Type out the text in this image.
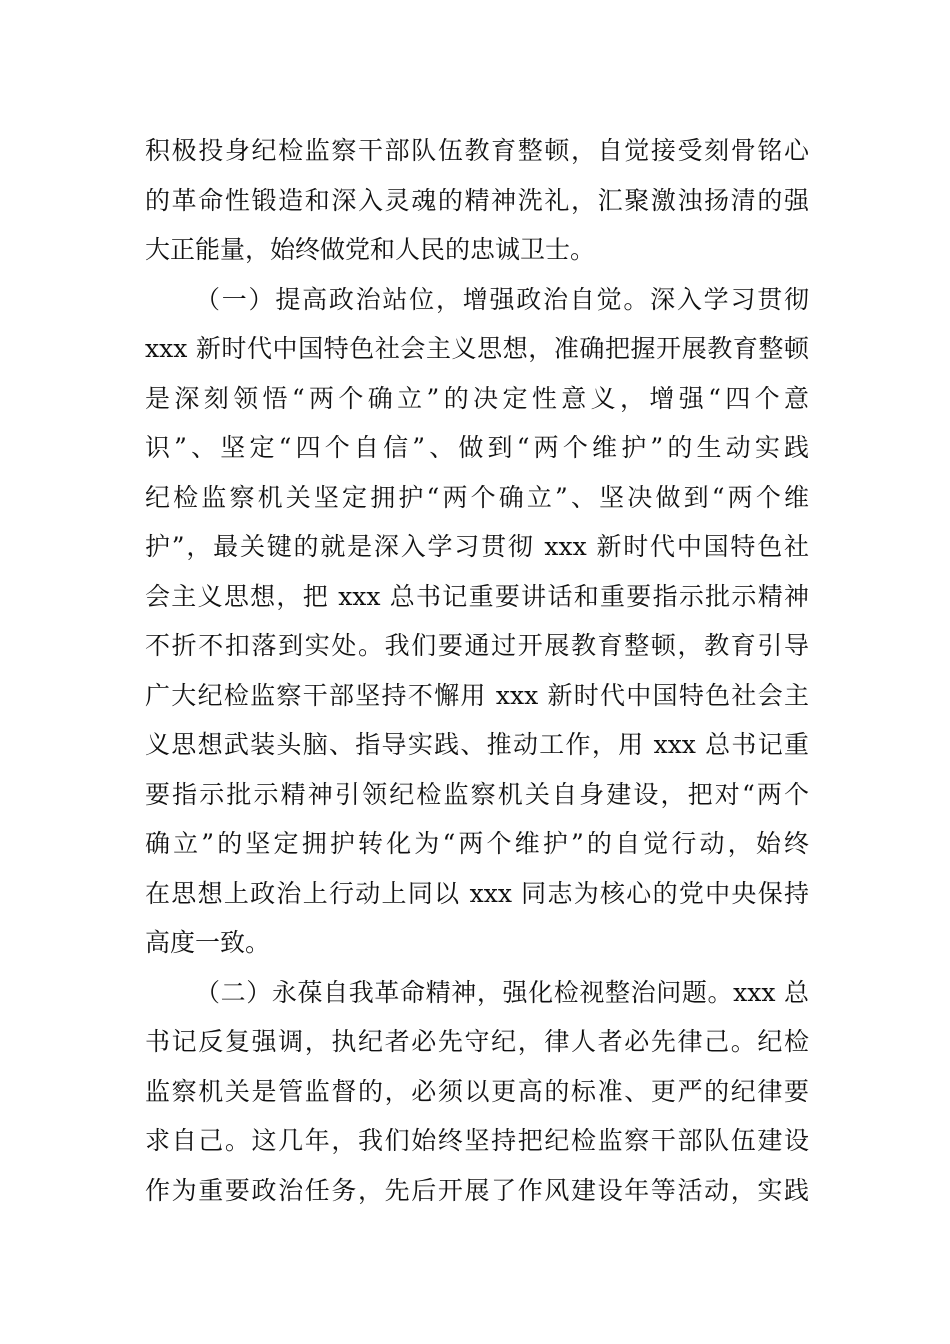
积极投身纪检监察干部队伍教育整顿，自觉接受刻骨铭心
的革命性锻造和深入灵魂的精神洗礼，汇聚激浊扬清的强
大正能量，始终做党和人民的忠诚卫士。
（一）提高政治站位，增强政治自觉。深入学习贯彻
xxx 新时代中国特色社会主义思想，准确把握开展教育整顿
是深刻领悟“两个确立”的决定性意义，增强“四个意
识”、坚定“四个自信”、做到“两个维护”的生动实践
纪检监察机关坚定拥护“两个确立”、坚决做到“两个维
护”，最关键的就是深入学习贯彻 xxx 新时代中国特色社
会主义思想，把 xxx 总书记重要讲话和重要指示批示精神
不折不扣落到实处。我们要通过开展教育整顿，教育引导
广大纪检监察干部坚持不懈用 xxx 新时代中国特色社会主
义思想武装头脑、指导实践、推动工作，用 xxx 总书记重
要指示批示精神引领纪检监察机关自身建设，把对“两个
确立”的坚定拥护转化为“两个维护”的自觉行动，始终
在思想上政治上行动上同以 xxx 同志为核心的党中央保持
高度一致。
（二）永葆自我革命精神，强化检视整治问题。xxx 总
书记反复强调，执纪者必先守纪，律人者必先律己。纪检
监察机关是管监督的，必须以更高的标准、更严的纪律要
求自己。这几年，我们始终坚持把纪检监察干部队伍建设
作为重要政治任务，先后开展了作风建设年等活动，实践
